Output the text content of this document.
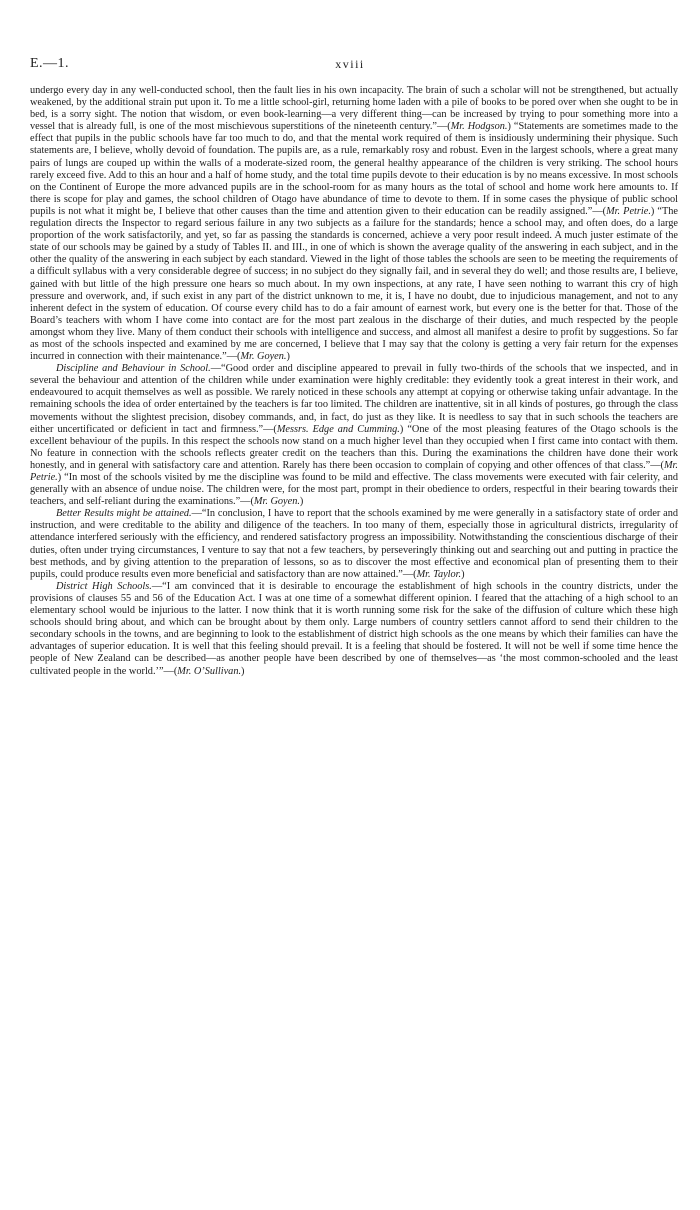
E.—1.	xviii

undergo every day in any well-conducted school, then the fault lies in his own incapacity. The brain of such a scholar will not be strengthened, but actually weakened, by the additional strain put upon it. To me a little school-girl, returning home laden with a pile of books to be pored over when she ought to be in bed, is a sorry sight. The notion that wisdom, or even book-learning—a very different thing—can be increased by trying to pour something more into a vessel that is already full, is one of the most mischievous superstitions of the nineteenth century.”—(Mr. Hodgson.) “Statements are sometimes made to the effect that pupils in the public schools have far too much to do, and that the mental work required of them is insidiously undermining their physique. Such statements are, I believe, wholly devoid of foundation. The pupils are, as a rule, remarkably rosy and robust. Even in the largest schools, where a great many pairs of lungs are couped up within the walls of a moderate-sized room, the general healthy appearance of the children is very striking. The school hours rarely exceed five. Add to this an hour and a half of home study, and the total time pupils devote to their education is by no means excessive. In most schools on the Continent of Europe the more advanced pupils are in the school-room for as many hours as the total of school and home work here amounts to. If there is scope for play and games, the school children of Otago have abundance of time to devote to them. If in some cases the physique of public school pupils is not what it might be, I believe that other causes than the time and attention given to their education can be readily assigned.”—(Mr. Petrie.) “The regulation directs the Inspector to regard serious failure in any two subjects as a failure for the standards; hence a school may, and often does, do a large proportion of the work satisfactorily, and yet, so far as passing the standards is concerned, achieve a very poor result indeed. A much juster estimate of the state of our schools may be gained by a study of Tables II. and III., in one of which is shown the average quality of the answering in each subject, and in the other the quality of the answering in each subject by each standard. Viewed in the light of those tables the schools are seen to be meeting the requirements of a difficult syllabus with a very considerable degree of success; in no subject do they signally fail, and in several they do well; and those results are, I believe, gained with but little of the high pressure one hears so much about. In my own inspections, at any rate, I have seen nothing to warrant this cry of high pressure and overwork, and, if such exist in any part of the district unknown to me, it is, I have no doubt, due to injudicious management, and not to any inherent defect in the system of education. Of course every child has to do a fair amount of earnest work, but every one is the better for that. Those of the Board’s teachers with whom I have come into contact are for the most part zealous in the discharge of their duties, and much respected by the people amongst whom they live. Many of them conduct their schools with intelligence and success, and almost all manifest a desire to profit by suggestions. So far as most of the schools inspected and examined by me are concerned, I believe that I may say that the colony is getting a very fair return for the expenses incurred in connection with their maintenance.”—(Mr. Goyen.)

Discipline and Behaviour in School.—“Good order and discipline appeared to prevail in fully two-thirds of the schools that we inspected, and in several the behaviour and attention of the children while under examination were highly creditable: they evidently took a great interest in their work, and endeavoured to acquit themselves as well as possible. We rarely noticed in these schools any attempt at copying or otherwise taking unfair advantage. In the remaining schools the idea of order entertained by the teachers is far too limited. The children are inattentive, sit in all kinds of postures, go through the class movements without the slightest precision, disobey commands, and, in fact, do just as they like. It is needless to say that in such schools the teachers are either uncertificated or deficient in tact and firmness.”—(Messrs. Edge and Cumming.) “One of the most pleasing features of the Otago schools is the excellent behaviour of the pupils. In this respect the schools now stand on a much higher level than they occupied when I first came into contact with them. No feature in connection with the schools reflects greater credit on the teachers than this. During the examinations the children have done their work honestly, and in general with satisfactory care and attention. Rarely has there been occasion to complain of copying and other offences of that class.”—(Mr. Petrie.) “In most of the schools visited by me the discipline was found to be mild and effective. The class movements were executed with fair celerity, and generally with an absence of undue noise. The children were, for the most part, prompt in their obedience to orders, respectful in their bearing towards their teachers, and self-reliant during the examinations.”—(Mr. Goyen.)

Better Results might be attained.—“In conclusion, I have to report that the schools examined by me were generally in a satisfactory state of order and instruction, and were creditable to the ability and diligence of the teachers. In too many of them, especially those in agricultural districts, irregularity of attendance interfered seriously with the efficiency, and rendered satisfactory progress an impossibility. Notwithstanding the conscientious discharge of their duties, often under trying circumstances, I venture to say that not a few teachers, by perseveringly thinking out and searching out and putting in practice the best methods, and by giving attention to the preparation of lessons, so as to discover the most effective and economical plan of presenting them to their pupils, could produce results even more beneficial and satisfactory than are now attained.”—(Mr. Taylor.)

District High Schools.—“I am convinced that it is desirable to encourage the establishment of high schools in the country districts, under the provisions of clauses 55 and 56 of the Education Act. I was at one time of a somewhat different opinion. I feared that the attaching of a high school to an elementary school would be injurious to the latter. I now think that it is worth running some risk for the sake of the diffusion of culture which these high schools should bring about, and which can be brought about by them only. Large numbers of country settlers cannot afford to send their children to the secondary schools in the towns, and are beginning to look to the establishment of district high schools as the one means by which their families can have the advantages of superior education. It is well that this feeling should prevail. It is a feeling that should be fostered. It will not be well if some time hence the people of New Zealand can be described—as another people have been described by one of themselves—as ‘the most common-schooled and the least cultivated people in the world.’”—(Mr. O’Sullivan.)
